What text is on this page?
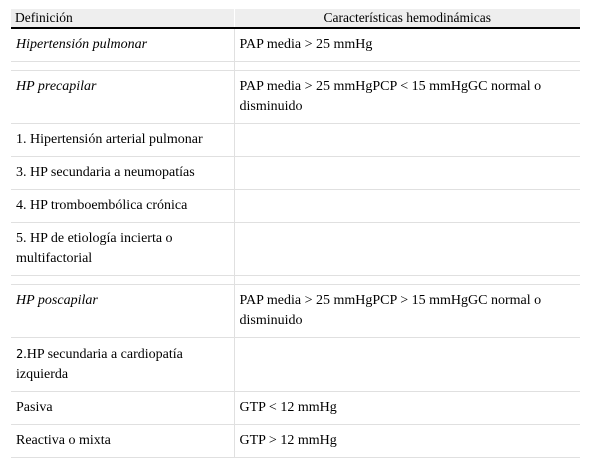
Definición	Características hemodinámicas
Hipertensión pulmonar	PAP media > 25 mmHg

HP precapilar	PAP media > 25 mmHgPCP < 15 mmHgGC normal o disminuido
1. Hipertensión arterial pulmonar	
3. HP secundaria a neumopatías	
4. HP tromboembólica crónica	
5. HP de etiología incierta o multifactorial	

HP poscapilar	PAP media > 25 mmHgPCP > 15 mmHgGC normal o disminuido
2.HP secundaria a cardiopatía izquierda	
Pasiva	GTP < 12 mmHg
Reactiva o mixta	GTP > 12 mmHg
